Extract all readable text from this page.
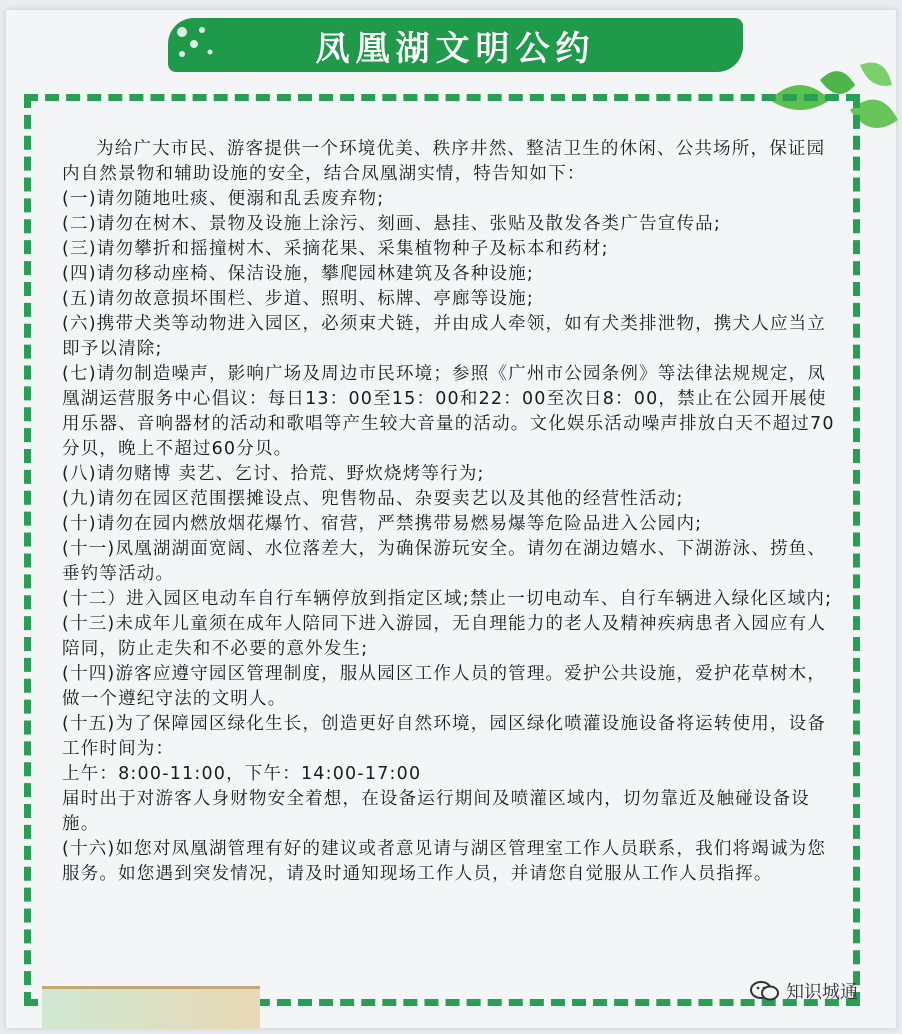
凤凰湖文明公约

为给广大市民、游客提供一个环境优美、秩序井然、整洁卫生的休闲、公共场所，保证园内自然景物和辅助设施的安全，结合凤凰湖实情，特告知如下：

(一)请勿随地吐痰、便溺和乱丢废弃物;

(二)请勿在树木、景物及设施上涂污、刻画、悬挂、张贴及散发各类广告宣传品;

(三)请勿攀折和摇撞树木、采摘花果、采集植物种子及标本和药材;

(四)请勿移动座椅、保洁设施，攀爬园林建筑及各种设施;

(五)请勿故意损坏围栏、步道、照明、标牌、亭廊等设施;

(六)携带犬类等动物进入园区，必须束犬链，并由成人牵领，如有犬类排泄物，携犬人应当立即予以清除;

(七)请勿制造噪声，影响广场及周边市民环境；参照《广州市公园条例》等法律法规规定，凤凰湖运营服务中心倡议：每日13：00至15：00和22：00至次日8：00，禁止在公园开展使用乐器、音响器材的活动和歌唱等产生较大音量的活动。文化娱乐活动噪声排放白天不超过70分贝，晚上不超过60分贝。

(八)请勿赌博 卖艺、乞讨、拾荒、野炊烧烤等行为;

(九)请勿在园区范围摆摊设点、兜售物品、杂耍卖艺以及其他的经营性活动;

(十)请勿在园内燃放烟花爆竹、宿营，严禁携带易燃易爆等危险品进入公园内;

(十一)凤凰湖湖面宽阔、水位落差大，为确保游玩安全。请勿在湖边嬉水、下湖游泳、捞鱼、垂钓等活动。

(十二）进入园区电动车自行车辆停放到指定区域;禁止一切电动车、自行车辆进入绿化区域内;

(十三)未成年儿童须在成年人陪同下进入游园，无自理能力的老人及精神疾病患者入园应有人陪同，防止走失和不必要的意外发生;

(十四)游客应遵守园区管理制度，服从园区工作人员的管理。爱护公共设施，爱护花草树木，做一个遵纪守法的文明人。

(十五)为了保障园区绿化生长，创造更好自然环境，园区绿化喷灌设施设备将运转使用，设备工作时间为：

上午：8:00-11:00，下午：14:00-17:00

届时出于对游客人身财物安全着想，在设备运行期间及喷灌区域内，切勿靠近及触碰设备设施。

(十六)如您对凤凰湖管理有好的建议或者意见请与湖区管理室工作人员联系，我们将竭诚为您服务。如您遇到突发情况，请及时通知现场工作人员，并请您自觉服从工作人员指挥。

知识城通
